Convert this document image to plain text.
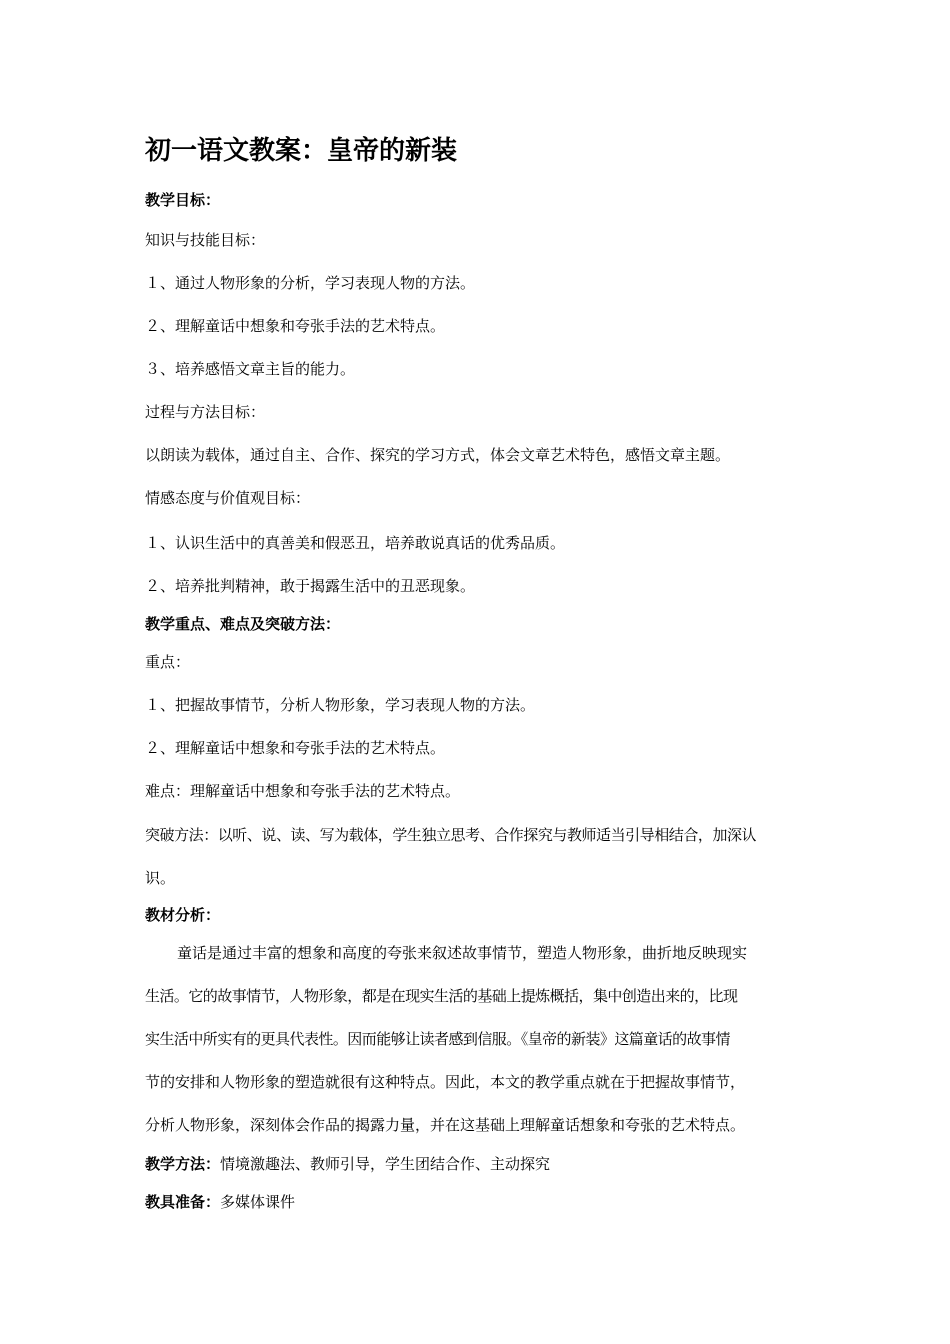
初一语文教案：皇帝的新装
教学目标：
知识与技能目标：
１、通过人物形象的分析，学习表现人物的方法。
２、理解童话中想象和夸张手法的艺术特点。
３、培养感悟文章主旨的能力。
过程与方法目标：
以朗读为载体，通过自主、合作、探究的学习方式，体会文章艺术特色，感悟文章主题。
情感态度与价值观目标：
１、认识生活中的真善美和假恶丑，培养敢说真话的优秀品质。
２、培养批判精神，敢于揭露生活中的丑恶现象。
教学重点、难点及突破方法：
重点：
１、把握故事情节，分析人物形象，学习表现人物的方法。
２、理解童话中想象和夸张手法的艺术特点。
难点：理解童话中想象和夸张手法的艺术特点。
突破方法：以听、说、读、写为载体，学生独立思考、合作探究与教师适当引导相结合，加深认
识。
教材分析：
童话是通过丰富的想象和高度的夸张来叙述故事情节，塑造人物形象，曲折地反映现实
生活。它的故事情节，人物形象，都是在现实生活的基础上提炼概括，集中创造出来的，比现
实生活中所实有的更具代表性。因而能够让读者感到信服。《皇帝的新装》这篇童话的故事情
节的安排和人物形象的塑造就很有这种特点。因此，本文的教学重点就在于把握故事情节，
分析人物形象，深刻体会作品的揭露力量，并在这基础上理解童话想象和夸张的艺术特点。
教学方法：情境激趣法、教师引导，学生团结合作、主动探究
教具准备：多媒体课件
